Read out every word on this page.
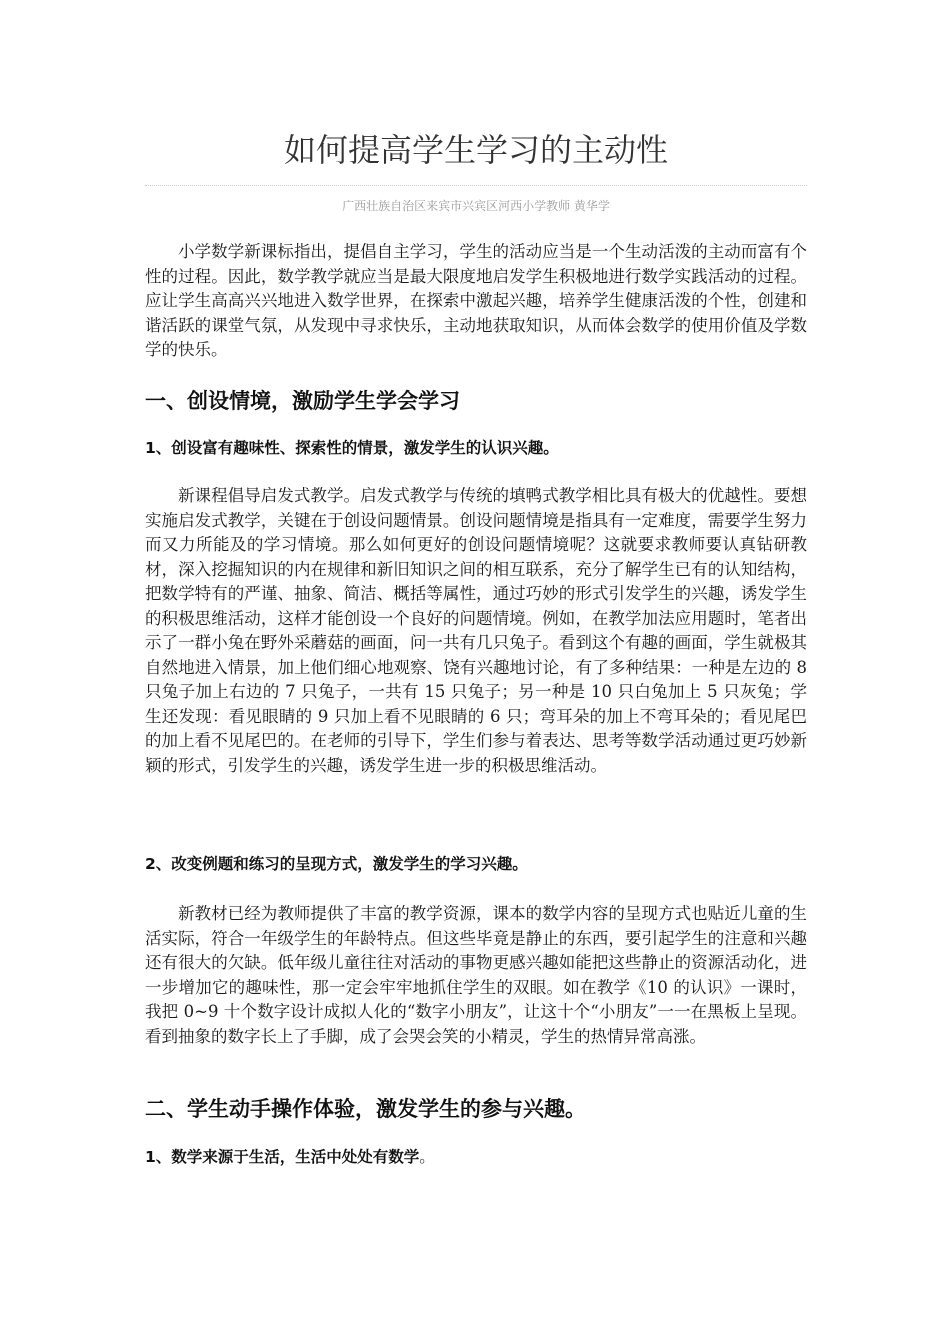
如何提高学生学习的主动性
广西壮族自治区来宾市兴宾区河西小学教师 黄华学

小学数学新课标指出，提倡自主学习，学生的活动应当是一个生动活泼的主动而富有个性的过程。因此，数学教学就应当是最大限度地启发学生积极地进行数学实践活动的过程。应让学生高高兴兴地进入数学世界，在探索中激起兴趣，培养学生健康活泼的个性，创建和谐活跃的课堂气氛，从发现中寻求快乐，主动地获取知识，从而体会数学的使用价值及学数学的快乐。

一、创设情境，激励学生学会学习
1、创设富有趣味性、探索性的情景，激发学生的认识兴趣。

新课程倡导启发式教学。启发式教学与传统的填鸭式教学相比具有极大的优越性。要想实施启发式教学，关键在于创设问题情景。创设问题情境是指具有一定难度，需要学生努力而又力所能及的学习情境。那么如何更好的创设问题情境呢？这就要求教师要认真钻研教材，深入挖掘知识的内在规律和新旧知识之间的相互联系，充分了解学生已有的认知结构，把数学特有的严谨、抽象、简洁、概括等属性，通过巧妙的形式引发学生的兴趣，诱发学生的积极思维活动，这样才能创设一个良好的问题情境。例如，在教学加法应用题时，笔者出示了一群小兔在野外采蘑菇的画面，问一共有几只兔子。看到这个有趣的画面，学生就极其自然地进入情景，加上他们细心地观察、饶有兴趣地讨论，有了多种结果：一种是左边的 8 只兔子加上右边的 7 只兔子，一共有 15 只兔子；另一种是 10 只白兔加上 5 只灰兔；学生还发现：看见眼睛的 9 只加上看不见眼睛的 6 只；弯耳朵的加上不弯耳朵的；看见尾巴的加上看不见尾巴的。在老师的引导下，学生们参与着表达、思考等数学活动通过更巧妙新颖的形式，引发学生的兴趣，诱发学生进一步的积极思维活动。

2、改变例题和练习的呈现方式，激发学生的学习兴趣。

新教材已经为教师提供了丰富的教学资源，课本的数学内容的呈现方式也贴近儿童的生活实际，符合一年级学生的年龄特点。但这些毕竟是静止的东西，要引起学生的注意和兴趣还有很大的欠缺。低年级儿童往往对活动的事物更感兴趣如能把这些静止的资源活动化，进一步增加它的趣味性，那一定会牢牢地抓住学生的双眼。如在教学《10 的认识》一课时，我把 0~9 十个数字设计成拟人化的“数字小朋友”，让这十个“小朋友”一一在黑板上呈现。看到抽象的数字长上了手脚，成了会哭会笑的小精灵，学生的热情异常高涨。

二、学生动手操作体验，激发学生的参与兴趣。
1、数学来源于生活，生活中处处有数学。
